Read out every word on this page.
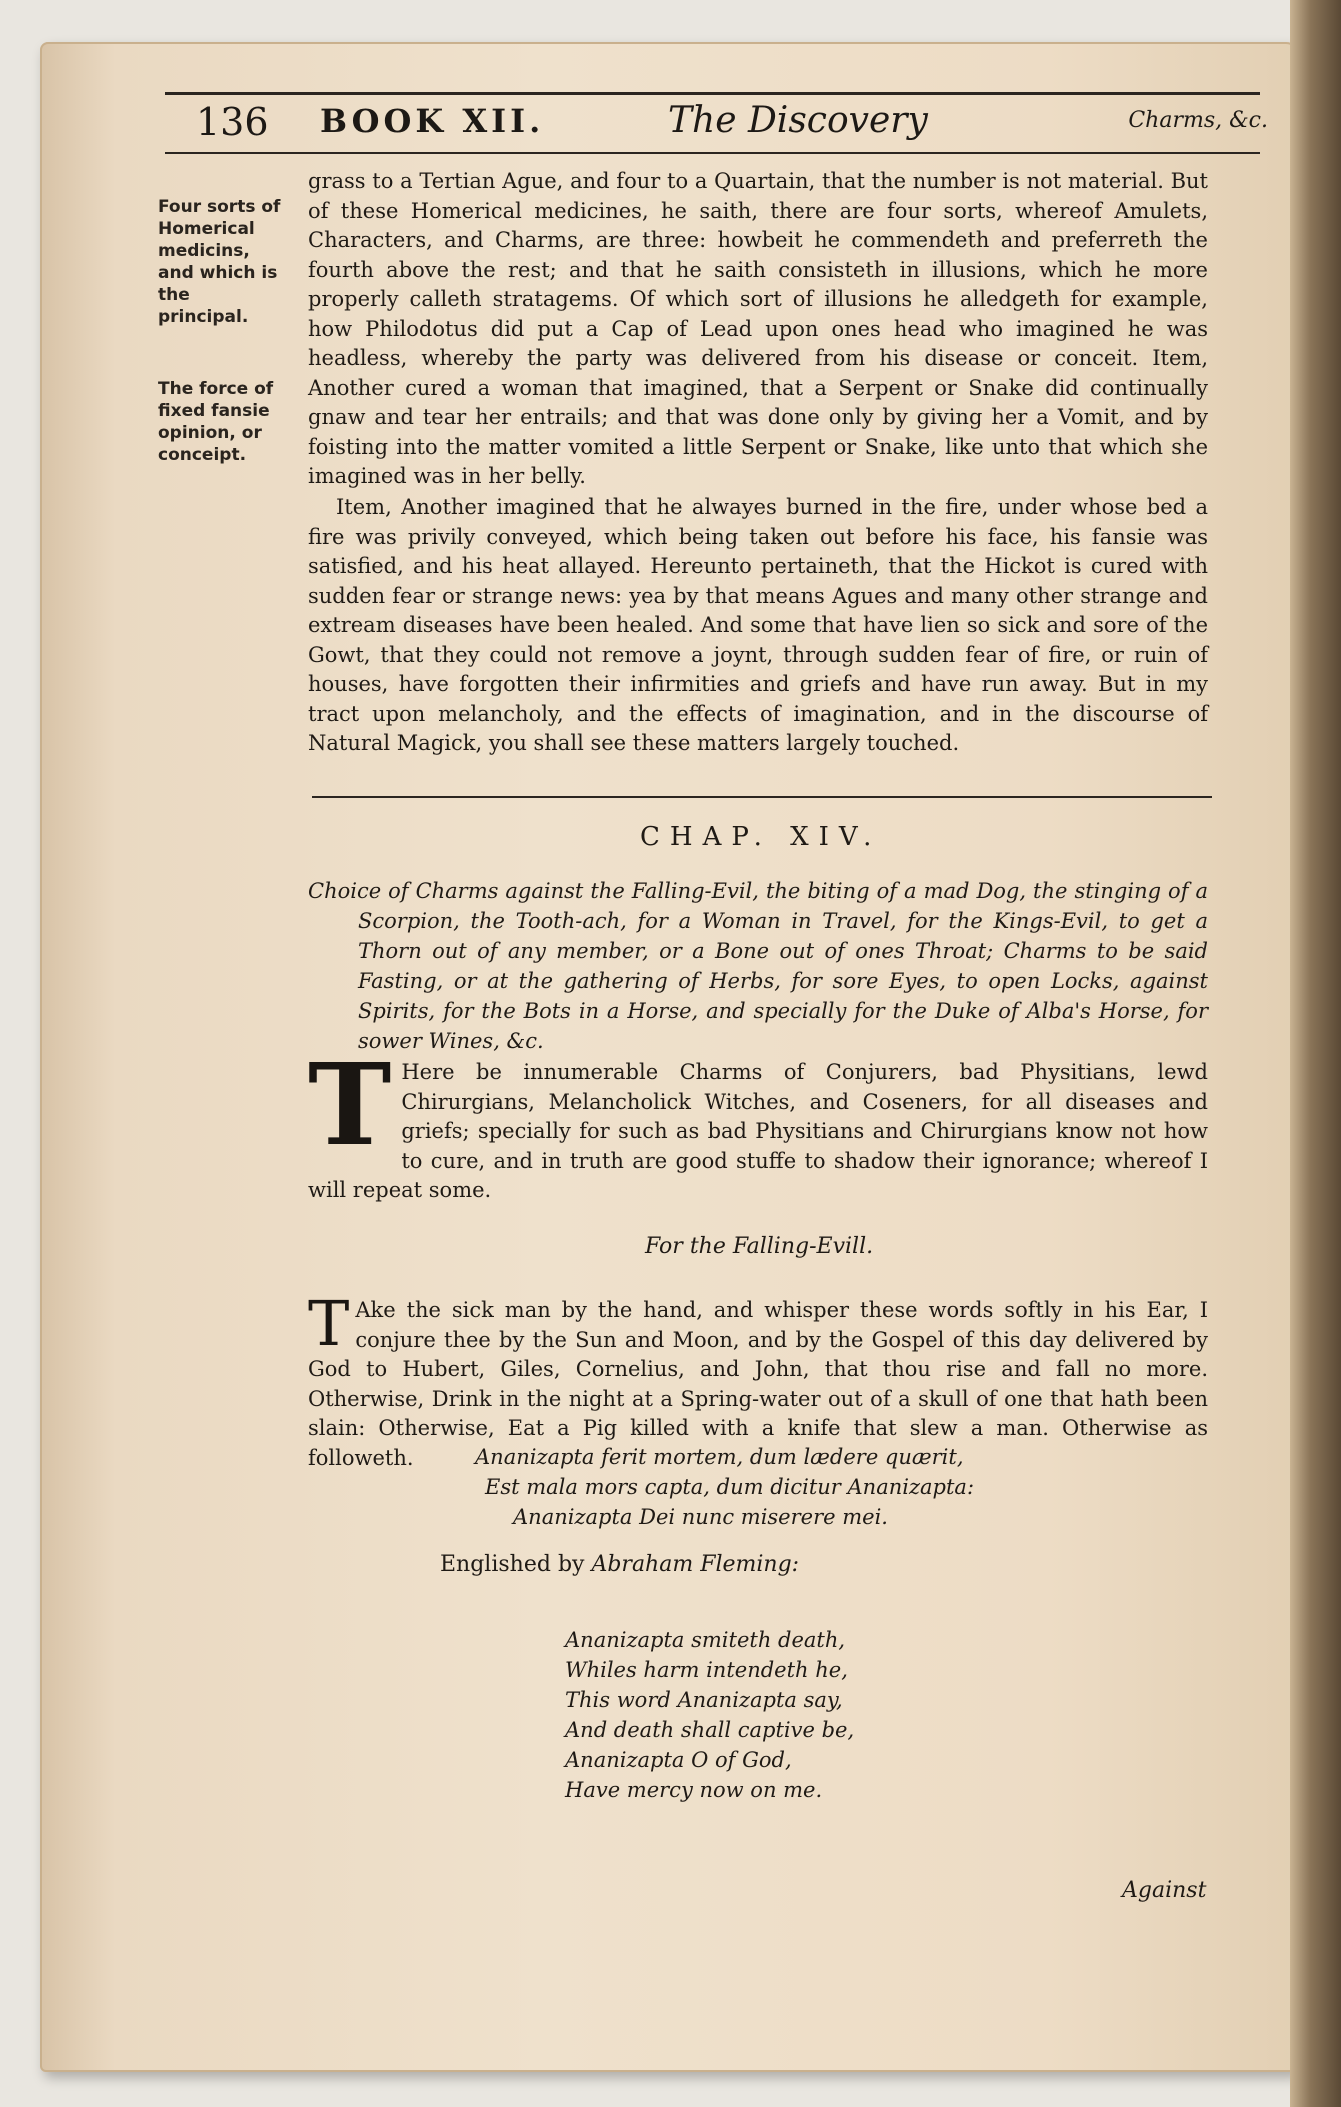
136 BOOK XII.	The Discovery	Charms, &c.
Four sorts of Homerical medicins, and which is the principal.
The force of fixed fansie opinion, or conceipt.

grass to a Tertian Ague, and four to a Quartain, that the number is not material. But of these Homerical medicines, he saith, there are four sorts, whereof Amulets, Characters, and Charms, are three: howbeit he commendeth and preferreth the fourth above the rest; and that he saith consisteth in illusions, which he more properly calleth stratagems. Of which sort of illusions he alledgeth for example, how Philodotus did put a Cap of Lead upon ones head who imagined he was headless, whereby the party was delivered from his disease or conceit. Item, Another cured a woman that imagined, that a Serpent or Snake did continually gnaw and tear her entrails; and that was done only by giving her a Vomit, and by foisting into the matter vomited a little Serpent or Snake, like unto that which she imagined was in her belly.

Item, Another imagined that he alwayes burned in the fire, under whose bed a fire was privily conveyed, which being taken out before his face, his fansie was satisfied, and his heat allayed. Hereunto pertaineth, that the Hickot is cured with sudden fear or strange news: yea by that means Agues and many other strange and extream diseases have been healed. And some that have lien so sick and sore of the Gowt, that they could not remove a joynt, through sudden fear of fire, or ruin of houses, have forgotten their infirmities and griefs and have run away. But in my tract upon melancholy, and the effects of imagination, and in the discourse of Natural Magick, you shall see these matters largely touched.

CHAP. XIV.
Choice of Charms against the Falling-Evil, the biting of a mad Dog, the stinging of a Scorpion, the Tooth-ach, for a Woman in Travel, for the Kings-Evil, to get a Thorn out of any member, or a Bone out of ones Throat; Charms to be said Fasting, or at the gathering of Herbs, for sore Eyes, to open Locks, against Spirits, for the Bots in a Horse, and specially for the Duke of Alba's Horse, for sower Wines, &c.

T Here be innumerable Charms of Conjurers, bad Physitians, lewd Chirurgians, Melancholick Witches, and Coseners, for all diseases and griefs; specially for such as bad Physitians and Chirurgians know not how to cure, and in truth are good stuffe to shadow their ignorance; whereof I will repeat some.

For the Falling-Evill.

T Ake the sick man by the hand, and whisper these words softly in his Ear, I conjure thee by the Sun and Moon, and by the Gospel of this day delivered by God to Hubert, Giles, Cornelius, and John, that thou rise and fall no more. Otherwise, Drink in the night at a Spring-water out of a skull of one that hath been slain: Otherwise, Eat a Pig killed with a knife that slew a man. Otherwise as followeth.	Ananizapta ferit mortem, dum lædere quærit,
Est mala mors capta, dum dicitur Ananizapta:
Ananizapta Dei nunc miserere mei.
Englished by Abraham Fleming:
Ananizapta smiteth death,
Whiles harm intendeth he,
This word Ananizapta say,
And death shall captive be,
Ananizapta O of God,
Have mercy now on me.
Against
